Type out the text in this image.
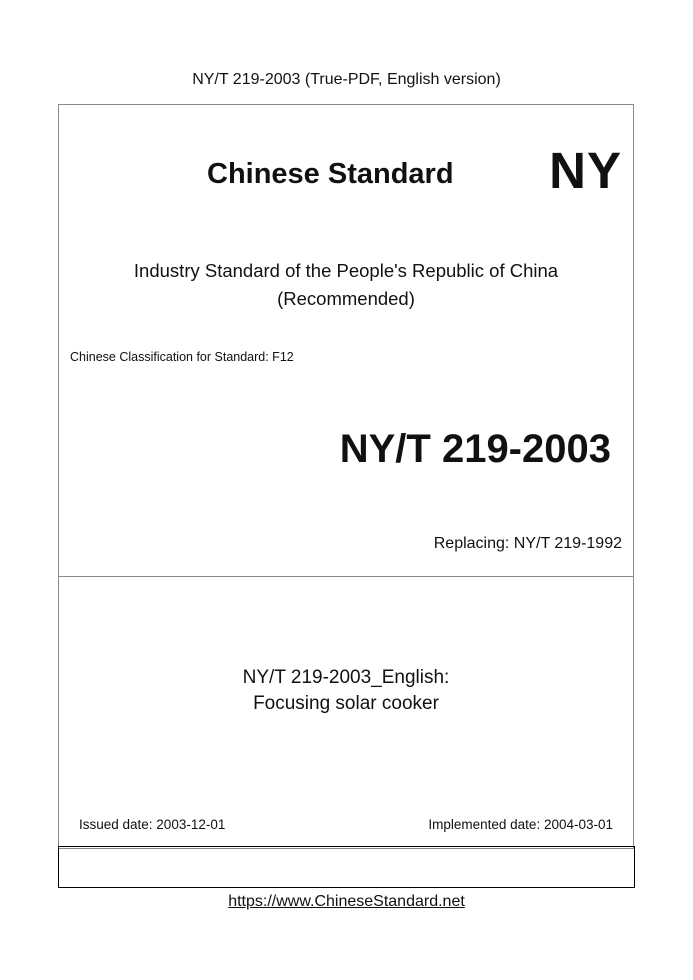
NY/T 219-2003 (True-PDF, English version)
Chinese Standard NY
Industry Standard of the People's Republic of China
(Recommended)
Chinese Classification for Standard: F12
NY/T 219-2003
Replacing: NY/T 219-1992
NY/T 219-2003_English:
Focusing solar cooker
Issued date: 2003-12-01	Implemented date: 2004-03-01
https://www.ChineseStandard.net
